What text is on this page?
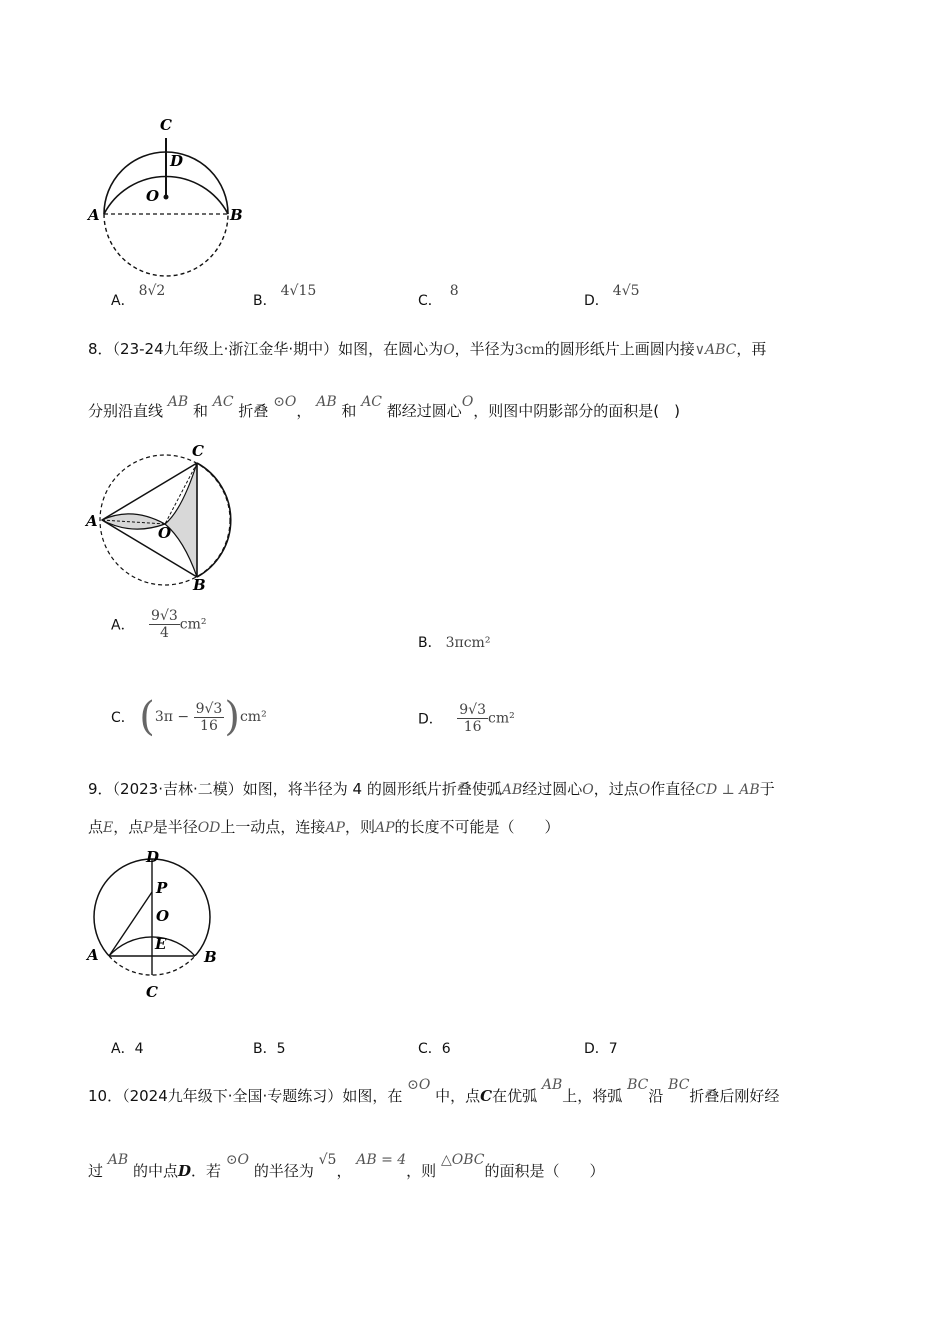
C
D
O
A	B
A．8√2
B．4√15
C．8
D．4√5
8．（23-24九年级上·浙江金华·期中）如图，在圆心为O，半径为3cm的圆形纸片上画圆内接∨ABC，再
分别沿直线 AB 和 AC 折叠 ⊙O， AB 和 AC 都经过圆心O，则图中阴影部分的面积是(　)
C
A
O
B
A． $\frac{9√3}{4} cm^2$
B． 3πcm²
C． $(3\pi - \frac{9√3}{16} )cm^2$	D． $\frac{9√3}{16} cm^2$
9．（2023·吉林·二模）如图，将半径为 4 的圆形纸片折叠使弧AB经过圆心O，过点O作直径CD ⊥ AB于
点E，点P是半径OD上一动点，连接AP，则AP的长度不可能是（　　）
D
P
O
E
A	B
C
A．4	B．5	C．6	D．7
10．（2024九年级下·全国·专题练习）如图，在 ⊙O 中，点C在优弧 AB上，将弧 BC沿 BC折叠后刚好经
过 AB 的中点D．若 ⊙O 的半径为 √5， AB = 4，则 △OBC的面积是（　　）
